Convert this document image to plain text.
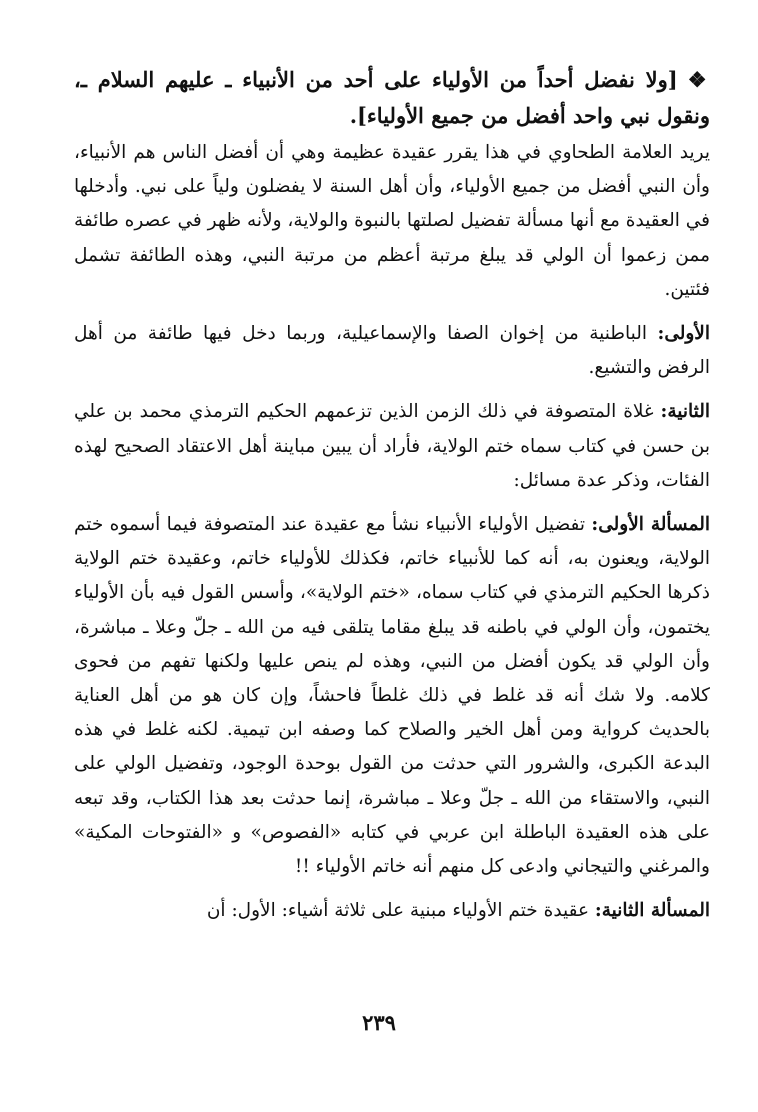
❖[ولا نفضل أحداً من الأولياء على أحد من الأنبياء ـ عليهم السلام ـ، ونقول نبي واحد أفضل من جميع الأولياء].

يريد العلامة الطحاوي في هذا يقرر عقيدة عظيمة وهي أن أفضل الناس هم الأنبياء، وأن النبي أفضل من جميع الأولياء، وأن أهل السنة لا يفضلون ولياً على نبي. وأدخلها في العقيدة مع أنها مسألة تفضيل لصلتها بالنبوة والولاية، ولأنه ظهر في عصره طائفة ممن زعموا أن الولي قد يبلغ مرتبة أعظم من مرتبة النبي، وهذه الطائفة تشمل فئتين.

الأولى: الباطنية من إخوان الصفا والإسماعيلية، وربما دخل فيها طائفة من أهل الرفض والتشيع.

الثانية: غلاة المتصوفة في ذلك الزمن الذين تزعمهم الحكيم الترمذي محمد بن علي بن حسن في كتاب سماه ختم الولاية، فأراد أن يبين مباينة أهل الاعتقاد الصحيح لهذه الفئات، وذكر عدة مسائل:

المسألة الأولى: تفضيل الأولياء الأنبياء نشأ مع عقيدة عند المتصوفة فيما أسموه ختم الولاية، ويعنون به، أنه كما للأنبياء خاتم، فكذلك للأولياء خاتم، وعقيدة ختم الولاية ذكرها الحكيم الترمذي في كتاب سماه، «ختم الولاية»، وأسس القول فيه بأن الأولياء يختمون، وأن الولي في باطنه قد يبلغ مقاما يتلقى فيه من الله ـ جلّ وعلا ـ مباشرة، وأن الولي قد يكون أفضل من النبي، وهذه لم ينص عليها ولكنها تفهم من فحوى كلامه. ولا شك أنه قد غلط في ذلك غلطاً فاحشاً، وإن كان هو من أهل العناية بالحديث كرواية ومن أهل الخير والصلاح كما وصفه ابن تيمية. لكنه غلط في هذه البدعة الكبرى، والشرور التي حدثت من القول بوحدة الوجود، وتفضيل الولي على النبي، والاستقاء من الله ـ جلّ وعلا ـ مباشرة، إنما حدثت بعد هذا الكتاب، وقد تبعه على هذه العقيدة الباطلة ابن عربي في كتابه «الفصوص» و «الفتوحات المكية» والمرغني والتيجاني وادعى كل منهم أنه خاتم الأولياء !!

المسألة الثانية: عقيدة ختم الأولياء مبنية على ثلاثة أشياء: الأول: أن

٢٣٩
